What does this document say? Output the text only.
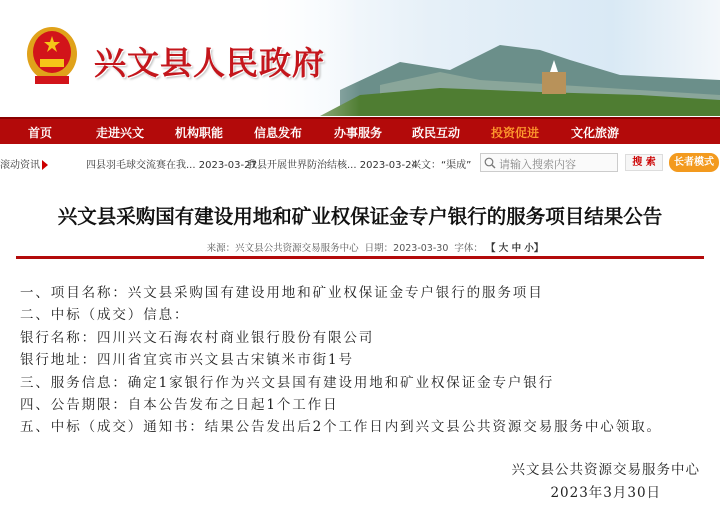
兴文县人民政府
首页	走进兴文	机构职能	信息发布	办事服务 政民互动	投资促进	文化旅游
滚动资讯	四县羽毛球交流赛在我... 2023-03-27
我县开展世界防治结核... 2023-03-24
兴文：“渠成”	请输入搜索内容	搜 索	长者模式
兴文县采购国有建设用地和矿业权保证金专户银行的服务项目结果公告
来源：兴文县公共资源交易服务中心 日期：2023-03-30 字体： 【 大 中 小】

一、项目名称：兴文县采购国有建设用地和矿业权保证金专户银行的服务项目

二、中标（成交）信息：

银行名称：四川兴文石海农村商业银行股份有限公司

银行地址：四川省宜宾市兴文县古宋镇米市街1号

三、服务信息：确定1家银行作为兴文县国有建设用地和矿业权保证金专户银行

四、公告期限：自本公告发布之日起1个工作日

五、中标（成交）通知书：结果公告发出后2个工作日内到兴文县公共资源交易服务中心领取。

兴文县公共资源交易服务中心

2023年3月30日
